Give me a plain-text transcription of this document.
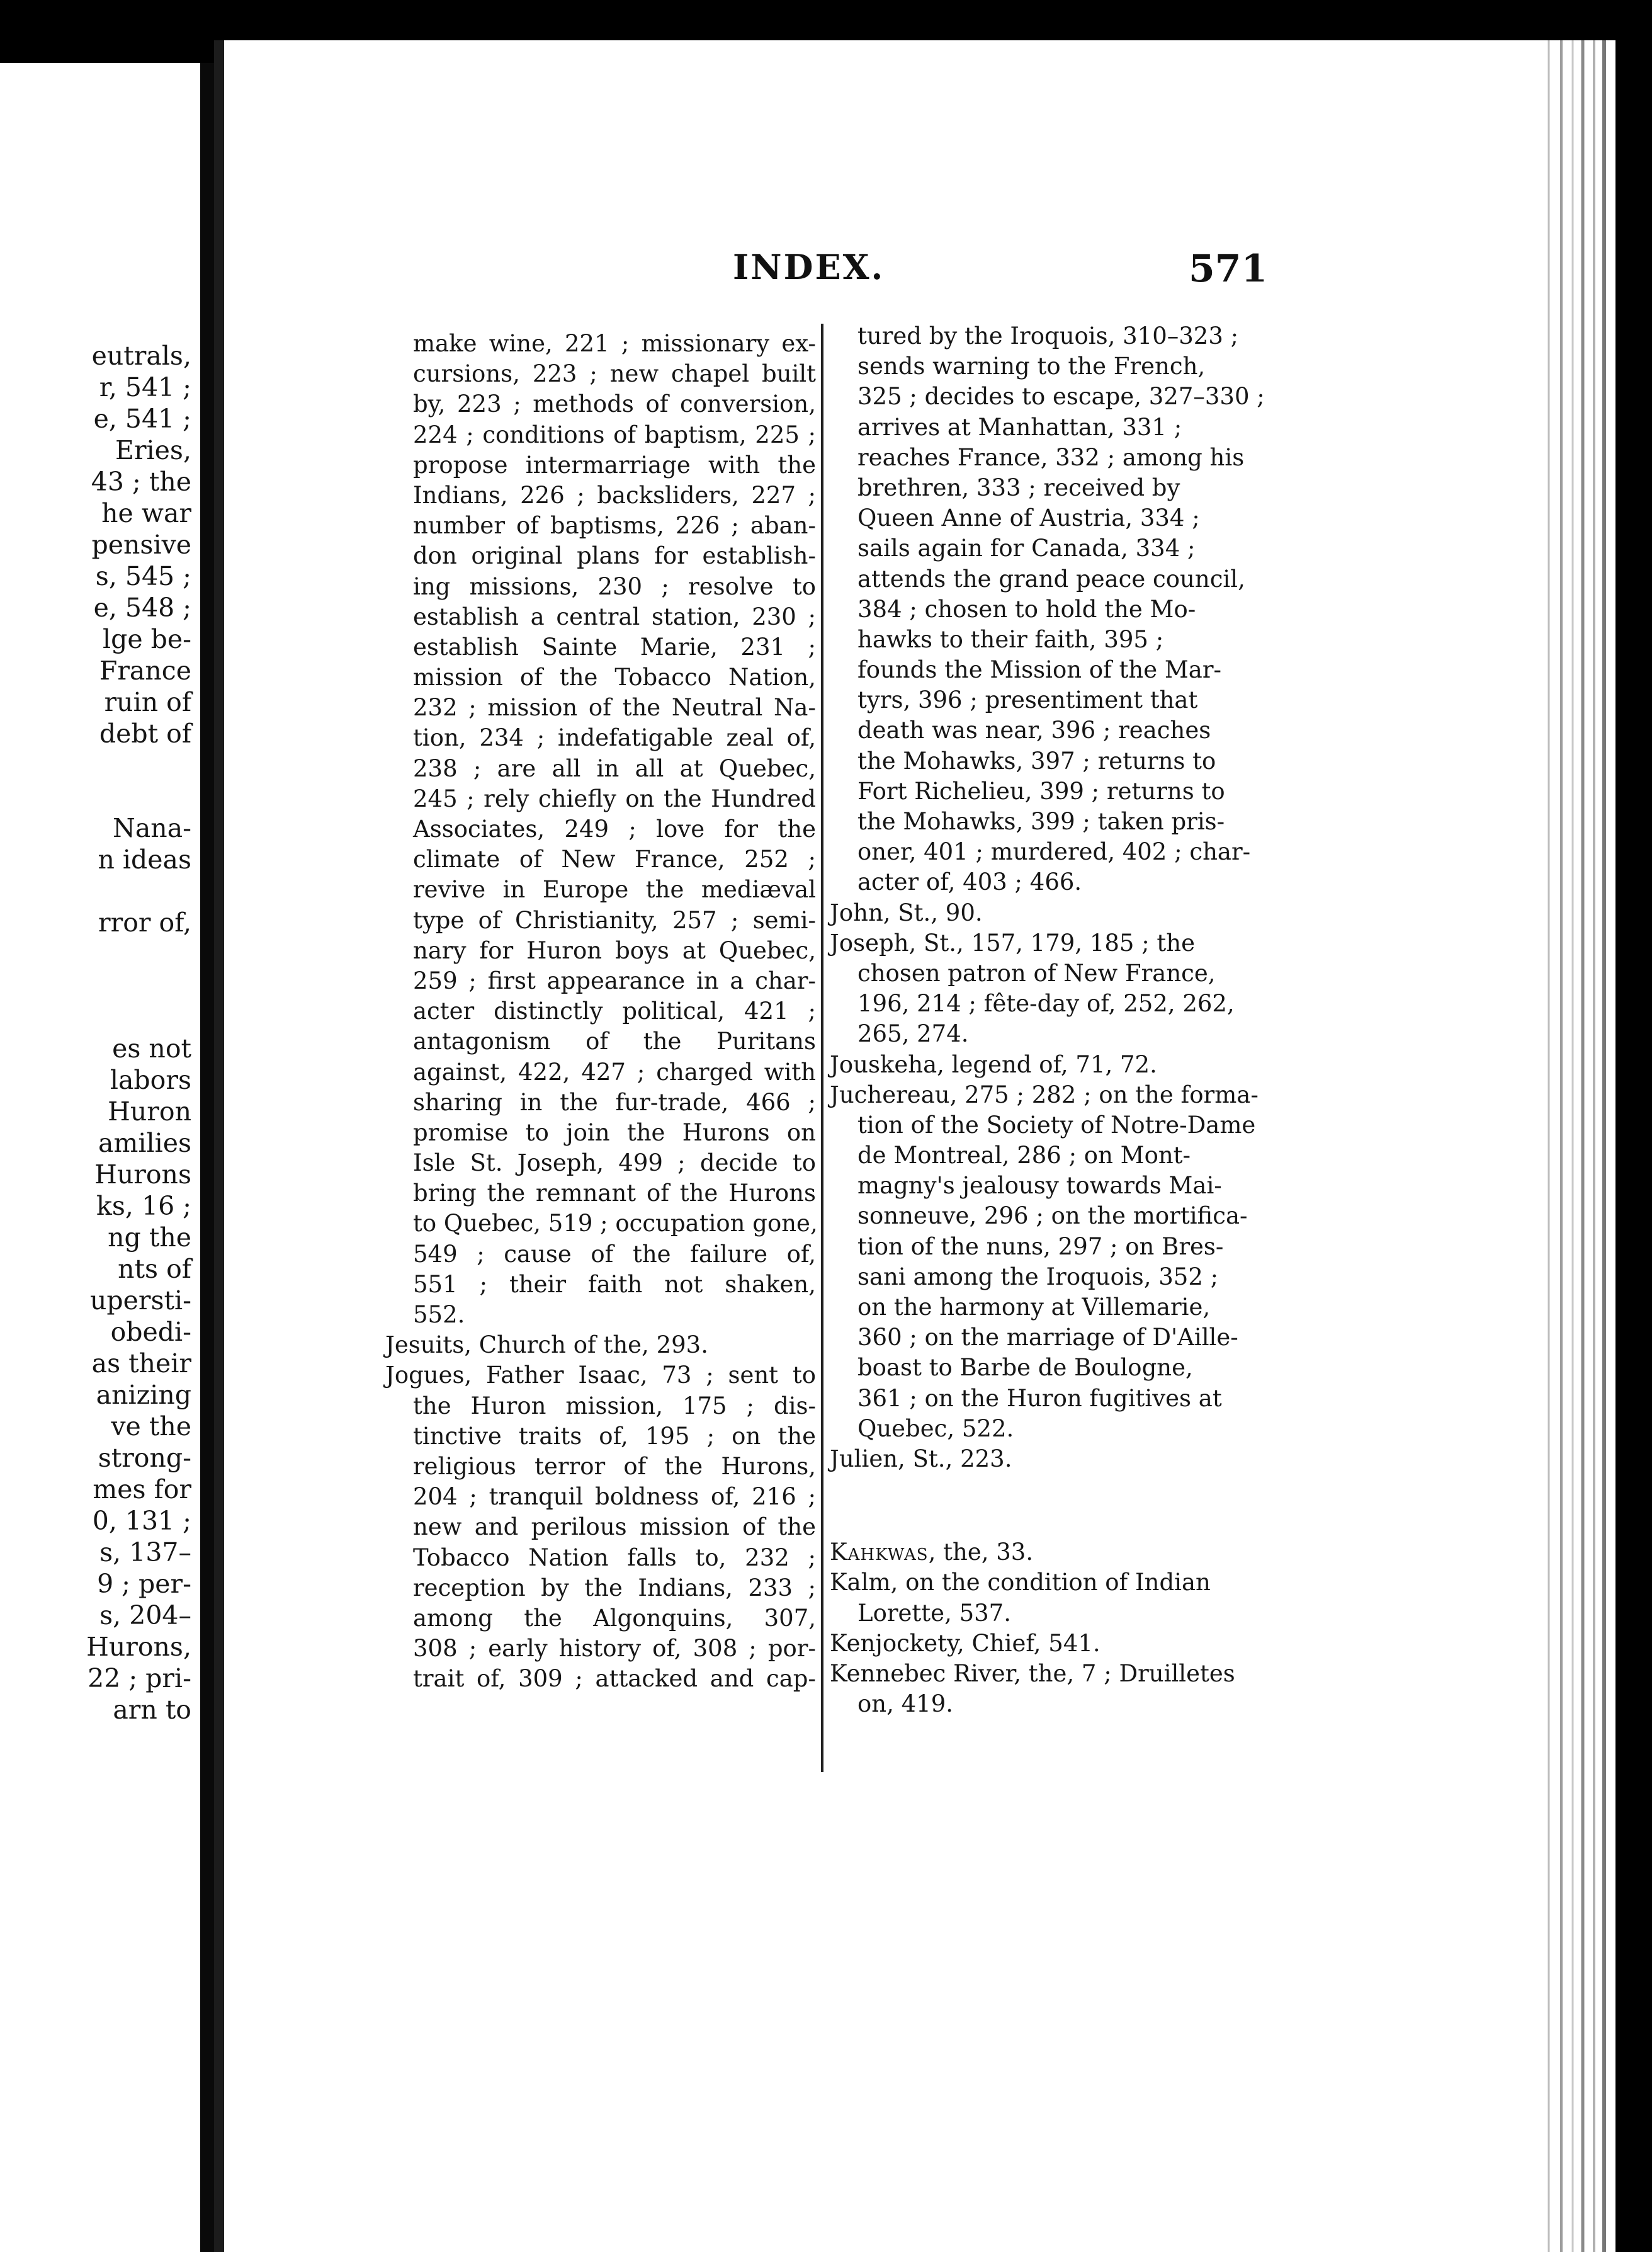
eutrals,

r, 541 ;

e, 541 ;

Eries,

43 ; the

he war

pensive

s, 545 ;

e, 548 ;

lge be-

France

ruin of

debt of

Nana-

n ideas

rror of,

es not

labors

Huron

amilies

Hurons

ks, 16 ;

ng the

nts of

upersti-

obedi-

as their

anizing

ve the

strong-

mes for

0, 131 ;

s, 137–

9 ; per-

s, 204–

Hurons,

22 ; pri-

arn to

INDEX.	571
make wine, 221 ; missionary ex-
cursions, 223 ; new chapel built
by, 223 ; methods of conversion,
224 ; conditions of baptism, 225 ;
propose intermarriage with the
Indians, 226 ; backsliders, 227 ;
number of baptisms, 226 ; aban-
don original plans for establish-
ing missions, 230 ; resolve to
establish a central station, 230 ;
establish Sainte Marie, 231 ;
mission of the Tobacco Nation,
232 ; mission of the Neutral Na-
tion, 234 ; indefatigable zeal of,
238 ; are all in all at Quebec,
245 ; rely chiefly on the Hundred
Associates, 249 ; love for the
climate of New France, 252 ;
revive in Europe the mediæval
type of Christianity, 257 ; semi-
nary for Huron boys at Quebec,
259 ; first appearance in a char-
acter distinctly political, 421 ;
antagonism of the Puritans
against, 422, 427 ; charged with
sharing in the fur-trade, 466 ;
promise to join the Hurons on
Isle St. Joseph, 499 ; decide to
bring the remnant of the Hurons
to Quebec, 519 ; occupation gone,
549 ; cause of the failure of,
551 ; their faith not shaken,
552.
Jesuits, Church of the, 293.
Jogues, Father Isaac, 73 ; sent to
the Huron mission, 175 ; dis-
tinctive traits of, 195 ; on the
religious terror of the Hurons,
204 ; tranquil boldness of, 216 ;
new and perilous mission of the
Tobacco Nation falls to, 232 ;
reception by the Indians, 233 ;
among the Algonquins, 307,
308 ; early history of, 308 ; por-
trait of, 309 ; attacked and cap-
tured by the Iroquois, 310–323 ;
sends warning to the French,
325 ; decides to escape, 327–330 ;
arrives at Manhattan, 331 ;
reaches France, 332 ; among his
brethren, 333 ; received by
Queen Anne of Austria, 334 ;
sails again for Canada, 334 ;
attends the grand peace council,
384 ; chosen to hold the Mo-
hawks to their faith, 395 ;
founds the Mission of the Mar-
tyrs, 396 ; presentiment that
death was near, 396 ; reaches
the Mohawks, 397 ; returns to
Fort Richelieu, 399 ; returns to
the Mohawks, 399 ; taken pris-
oner, 401 ; murdered, 402 ; char-
acter of, 403 ; 466.
John, St., 90.
Joseph, St., 157, 179, 185 ; the
chosen patron of New France,
196, 214 ; fête-day of, 252, 262,
265, 274.
Jouskeha, legend of, 71, 72.
Juchereau, 275 ; 282 ; on the forma-
tion of the Society of Notre-Dame
de Montreal, 286 ; on Mont-
magny's jealousy towards Mai-
sonneuve, 296 ; on the mortifica-
tion of the nuns, 297 ; on Bres-
sani among the Iroquois, 352 ;
on the harmony at Villemarie,
360 ; on the marriage of D'Aille-
boast to Barbe de Boulogne,
361 ; on the Huron fugitives at
Quebec, 522.
Julien, St., 223.
Kahkwas, the, 33.
Kalm, on the condition of Indian
Lorette, 537.
Kenjockety, Chief, 541.
Kennebec River, the, 7 ; Druilletes
on, 419.
